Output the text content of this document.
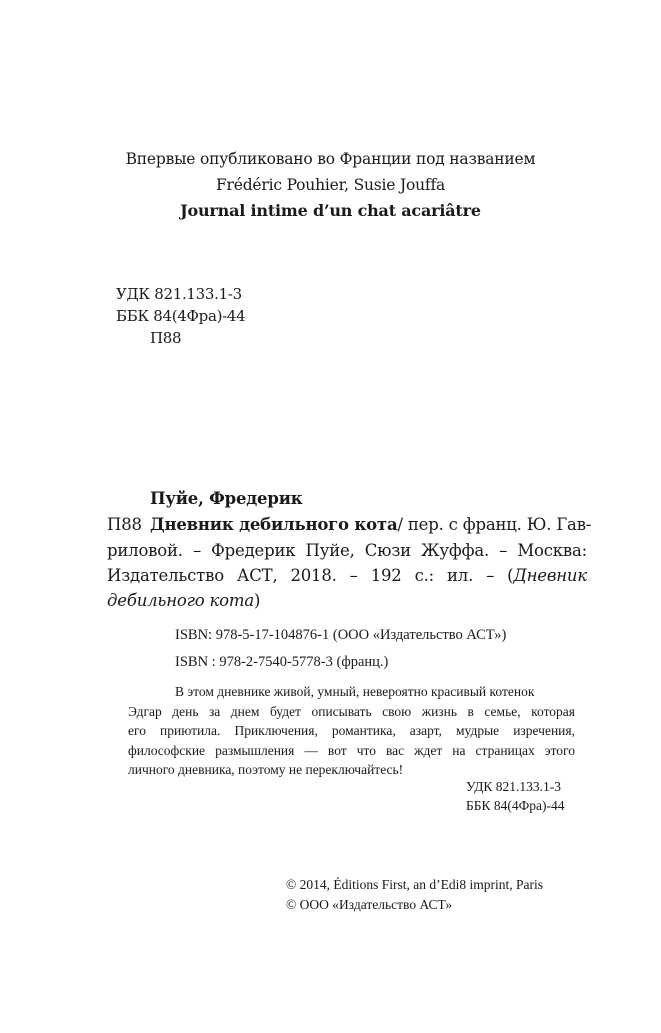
Впервые опубликовано во Франции под названием
Frédéric Pouhier, Susie Jouffa
Journal intime d’un chat acariâtre
УДК 821.133.1-3
ББК 84(4Фра)-44
П88
Пуйе, Фредерик
П88 Дневник дебильного кота/ пер. с франц. Ю. Гав-
риловой. – Фредерик Пуйе, Сюзи Жуффа. – Москва:
Издательство АСТ, 2018. – 192 с.: ил. – (Дневник
дебильного кота)
ISBN: 978-5-17-104876-1 (ООО «Издательство АСТ»)
ISBN : 978-2-7540-5778-3 (франц.)
В этом дневнике живой, умный, невероятно красивый котенок
Эдгар день за днем будет описывать свою жизнь в семье, которая
его приютила. Приключения, романтика, азарт, мудрые изречения,
философские размышления — вот что вас ждет на страницах этого
личного дневника, поэтому не переключайтесь!
УДК 821.133.1-3
ББК 84(4Фра)-44
© 2014, Éditions First, an d’Edi8 imprint, Paris
© ООО «Издательство АСТ»
